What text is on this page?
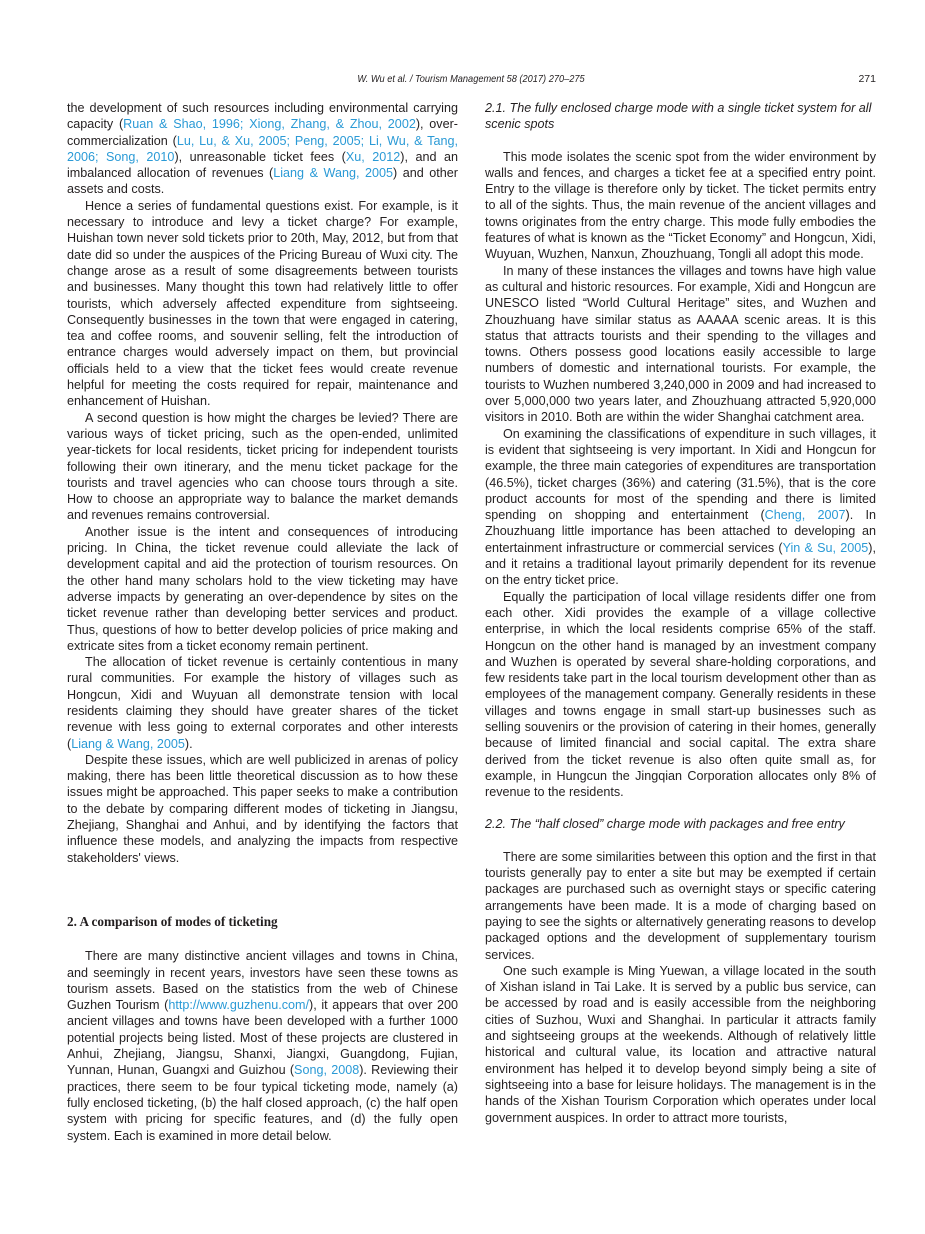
W. Wu et al. / Tourism Management 58 (2017) 270–275	271

the development of such resources including environmental carrying capacity (Ruan & Shao, 1996; Xiong, Zhang, & Zhou, 2002), over-commercialization (Lu, Lu, & Xu, 2005; Peng, 2005; Li, Wu, & Tang, 2006; Song, 2010), unreasonable ticket fees (Xu, 2012), and an imbalanced allocation of revenues (Liang & Wang, 2005) and other assets and costs.

Hence a series of fundamental questions exist. For example, is it necessary to introduce and levy a ticket charge? For example, Huishan town never sold tickets prior to 20th, May, 2012, but from that date did so under the auspices of the Pricing Bureau of Wuxi city. The change arose as a result of some disagreements between tourists and businesses. Many thought this town had relatively little to offer tourists, which adversely affected expenditure from sightseeing. Consequently businesses in the town that were engaged in catering, tea and coffee rooms, and souvenir selling, felt the introduction of entrance charges would adversely impact on them, but provincial officials held to a view that the ticket fees would create revenue helpful for meeting the costs required for repair, maintenance and enhancement of Huishan.

A second question is how might the charges be levied? There are various ways of ticket pricing, such as the open-ended, unlimited year-tickets for local residents, ticket pricing for independent tourists following their own itinerary, and the menu ticket package for the tourists and travel agencies who can choose tours through a site. How to choose an appropriate way to balance the market demands and revenues remains controversial.

Another issue is the intent and consequences of introducing pricing. In China, the ticket revenue could alleviate the lack of development capital and aid the protection of tourism resources. On the other hand many scholars hold to the view ticketing may have adverse impacts by generating an over-dependence by sites on the ticket revenue rather than developing better services and product. Thus, questions of how to better develop policies of price making and extricate sites from a ticket economy remain pertinent.

The allocation of ticket revenue is certainly contentious in many rural communities. For example the history of villages such as Hongcun, Xidi and Wuyuan all demonstrate tension with local residents claiming they should have greater shares of the ticket revenue with less going to external corporates and other interests (Liang & Wang, 2005).

Despite these issues, which are well publicized in arenas of policy making, there has been little theoretical discussion as to how these issues might be approached. This paper seeks to make a contribution to the debate by comparing different modes of ticketing in Jiangsu, Zhejiang, Shanghai and Anhui, and by identifying the factors that influence these models, and analyzing the impacts from respective stakeholders' views.

2. A comparison of modes of ticketing

There are many distinctive ancient villages and towns in China, and seemingly in recent years, investors have seen these towns as tourism assets. Based on the statistics from the web of Chinese Guzhen Tourism (http://www.guzhenu.com/), it appears that over 200 ancient villages and towns have been developed with a further 1000 potential projects being listed. Most of these projects are clustered in Anhui, Zhejiang, Jiangsu, Shanxi, Jiangxi, Guangdong, Fujian, Yunnan, Hunan, Guangxi and Guizhou (Song, 2008). Reviewing their practices, there seem to be four typical ticketing mode, namely (a) fully enclosed ticketing, (b) the half closed approach, (c) the half open system with pricing for specific features, and (d) the fully open system. Each is examined in more detail below.

2.1. The fully enclosed charge mode with a single ticket system for all scenic spots

This mode isolates the scenic spot from the wider environment by walls and fences, and charges a ticket fee at a specified entry point. Entry to the village is therefore only by ticket. The ticket permits entry to all of the sights. Thus, the main revenue of the ancient villages and towns originates from the entry charge. This mode fully embodies the features of what is known as the “Ticket Economy” and Hongcun, Xidi, Wuyuan, Wuzhen, Nanxun, Zhouzhuang, Tongli all adopt this mode.

In many of these instances the villages and towns have high value as cultural and historic resources. For example, Xidi and Hongcun are UNESCO listed “World Cultural Heritage” sites, and Wuzhen and Zhouzhuang have similar status as AAAAA scenic areas. It is this status that attracts tourists and their spending to the villages and towns. Others possess good locations easily accessible to large numbers of domestic and international tourists. For example, the tourists to Wuzhen numbered 3,240,000 in 2009 and had increased to over 5,000,000 two years later, and Zhouzhuang attracted 5,920,000 visitors in 2010. Both are within the wider Shanghai catchment area.

On examining the classifications of expenditure in such villages, it is evident that sightseeing is very important. In Xidi and Hongcun for example, the three main categories of expenditures are transportation (46.5%), ticket charges (36%) and catering (31.5%), that is the core product accounts for most of the spending and there is limited spending on shopping and entertainment (Cheng, 2007). In Zhouzhuang little importance has been attached to developing an entertainment infrastructure or commercial services (Yin & Su, 2005), and it retains a traditional layout primarily dependent for its revenue on the entry ticket price.

Equally the participation of local village residents differ one from each other. Xidi provides the example of a village collective enterprise, in which the local residents comprise 65% of the staff. Hongcun on the other hand is managed by an investment company and Wuzhen is operated by several share-holding corporations, and few residents take part in the local tourism development other than as employees of the management company. Generally residents in these villages and towns engage in small start-up businesses such as selling souvenirs or the provision of catering in their homes, generally because of limited financial and social capital. The extra share derived from the ticket revenue is also often quite small as, for example, in Hungcun the Jingqian Corporation allocates only 8% of revenue to the residents.

2.2. The “half closed” charge mode with packages and free entry

There are some similarities between this option and the first in that tourists generally pay to enter a site but may be exempted if certain packages are purchased such as overnight stays or specific catering arrangements have been made. It is a mode of charging based on paying to see the sights or alternatively generating reasons to develop packaged options and the development of supplementary tourism services.

One such example is Ming Yuewan, a village located in the south of Xishan island in Tai Lake. It is served by a public bus service, can be accessed by road and is easily accessible from the neighboring cities of Suzhou, Wuxi and Shanghai. In particular it attracts family and sightseeing groups at the weekends. Although of relatively little historical and cultural value, its location and attractive natural environment has helped it to develop beyond simply being a site of sightseeing into a base for leisure holidays. The management is in the hands of the Xishan Tourism Corporation which operates under local government auspices. In order to attract more tourists,
